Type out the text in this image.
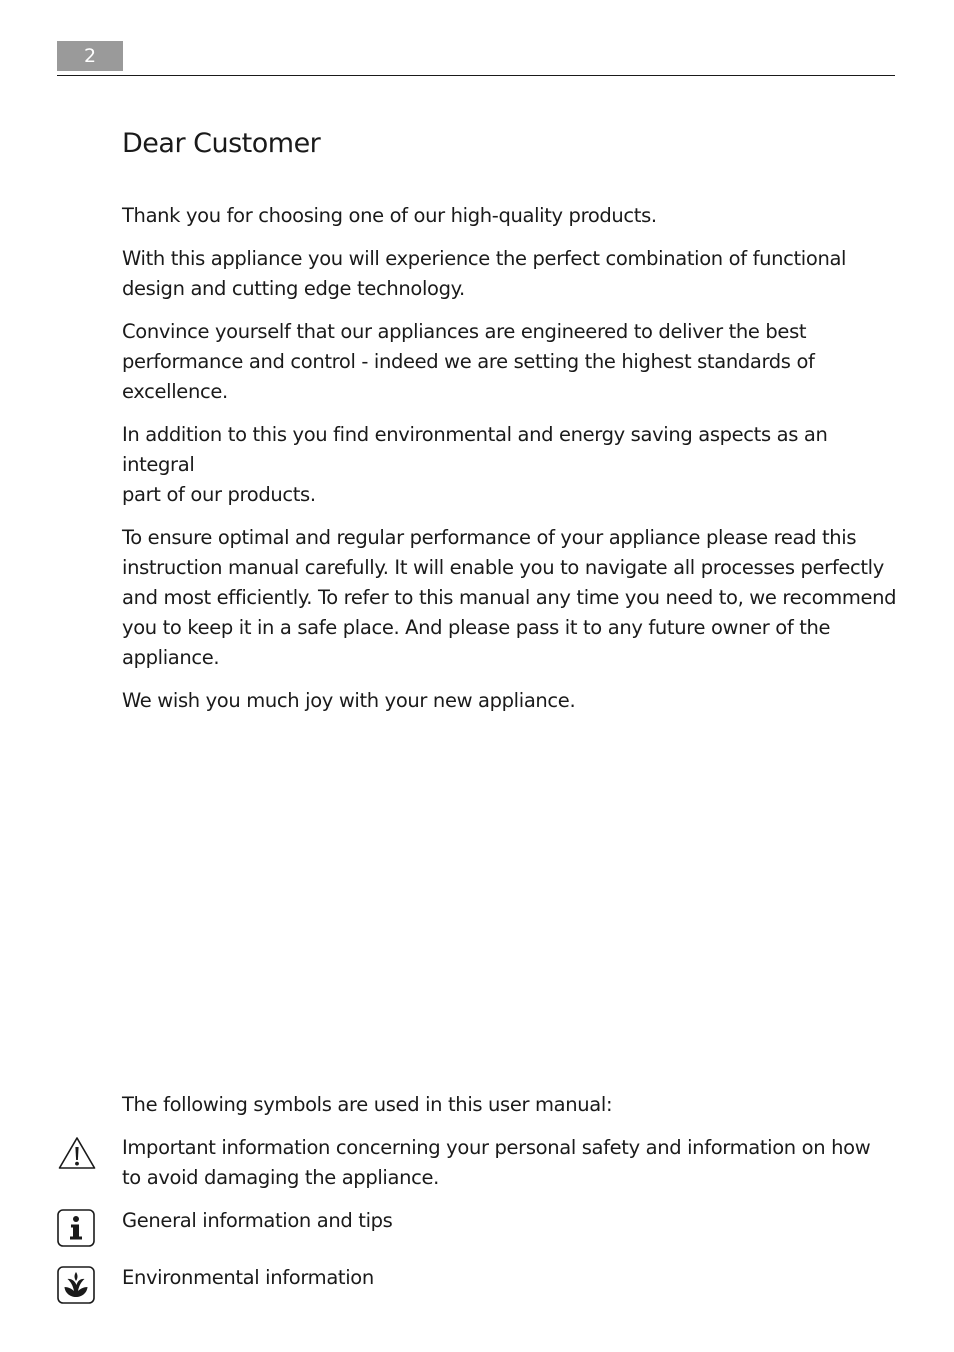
2
Dear Customer

Thank you for choosing one of our high-quality products.

With this appliance you will experience the perfect combination of functional
design and cutting edge technology.

Convince yourself that our appliances are engineered to deliver the best
performance and control - indeed we are setting the highest standards of
excellence.

In addition to this you find environmental and energy saving aspects as an integral
part of our products.

To ensure optimal and regular performance of your appliance please read this
instruction manual carefully. It will enable you to navigate all processes perfectly
and most efficiently. To refer to this manual any time you need to, we recommend
you to keep it in a safe place. And please pass it to any future owner of the appliance.

We wish you much joy with your new appliance.

The following symbols are used in this user manual:

Important information concerning your personal safety and information on how
to avoid damaging the appliance.

General information and tips

Environmental information
